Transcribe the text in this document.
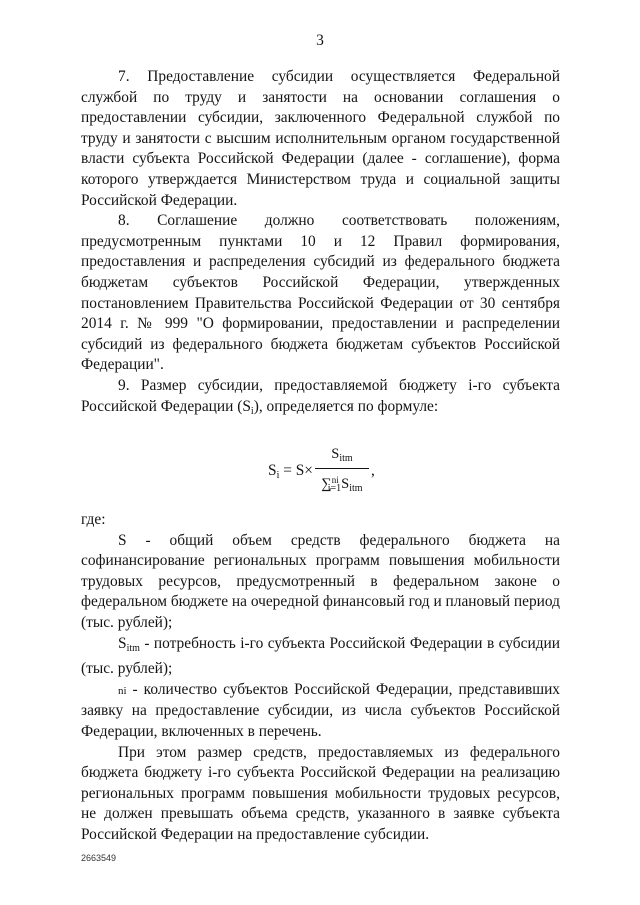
3

7. Предоставление субсидии осуществляется Федеральной службой по труду и занятости на основании соглашения о предоставлении субсидии, заключенного Федеральной службой по труду и занятости с высшим исполнительным органом государственной власти субъекта Российской Федерации (далее - соглашение), форма которого утверждается Министерством труда и социальной защиты Российской Федерации.

8. Соглашение должно соответствовать положениям, предусмотренным пунктами 10 и 12 Правил формирования, предоставления и распределения субсидий из федерального бюджета бюджетам субъектов Российской Федерации, утвержденных постановлением Правительства Российской Федерации от 30 сентября 2014 г. № 999 "О формировании, предоставлении и распределении субсидий из федерального бюджета бюджетам субъектов Российской Федерации".

9. Размер субсидии, предоставляемой бюджету i-го субъекта Российской Федерации $(S_i)$, определяется по формуле:

$S_i = S\times$
$S_{itm}$
$\sum^{ni}_{i=1}S_{itm}$
,

где:

S - общий объем средств федерального бюджета на софинансирование региональных программ повышения мобильности трудовых ресурсов, предусмотренный в федеральном законе о федеральном бюджете на очередной финансовый год и плановый период (тыс. рублей);

$S_{itm}$ - потребность i-го субъекта Российской Федерации в субсидии (тыс. рублей);

ni - количество субъектов Российской Федерации, представивших заявку на предоставление субсидии, из числа субъектов Российской Федерации, включенных в перечень.

При этом размер средств, предоставляемых из федерального бюджета бюджету i-го субъекта Российской Федерации на реализацию региональных программ повышения мобильности трудовых ресурсов, не должен превышать объема средств, указанного в заявке субъекта Российской Федерации на предоставление субсидии.

2663549
